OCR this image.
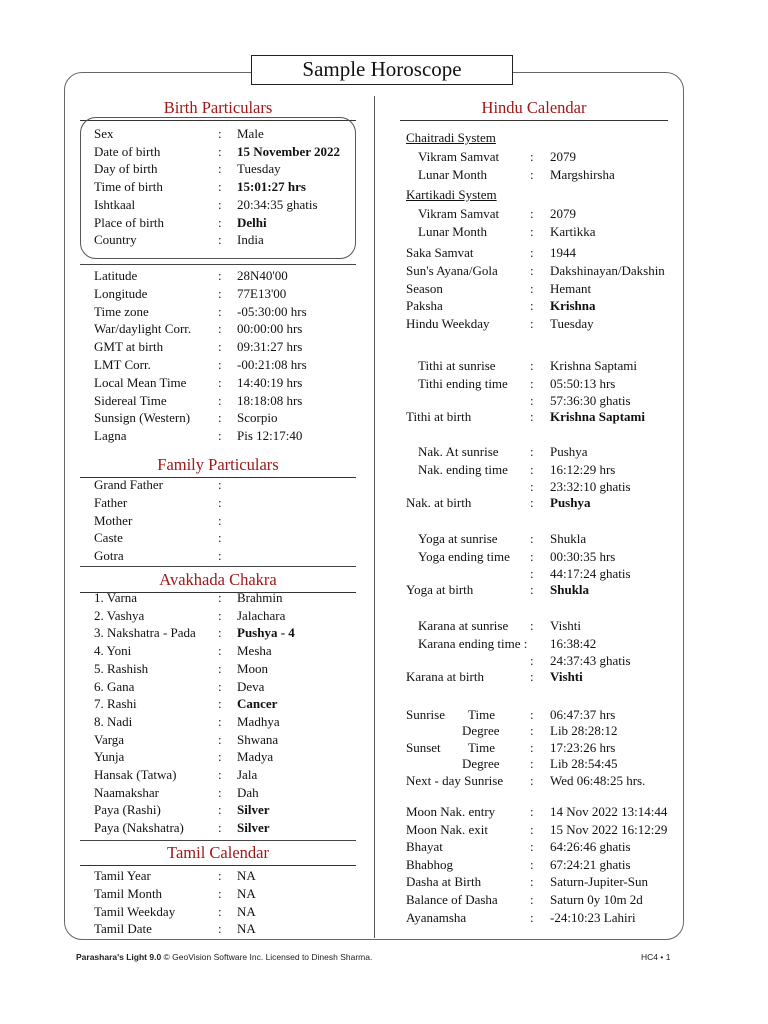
Sample Horoscope
Birth Particulars
Sex	: Male
Date of birth	: 15 November 2022
Day of birth	: Tuesday
Time of birth	: 15:01:27 hrs
Ishtkaal	: 20:34:35 ghatis
Place of birth	: Delhi
Country	: India
Latitude	: 28N40'00
Longitude	: 77E13'00
Time zone	: -05:30:00 hrs
War/daylight Corr. : 00:00:00 hrs
GMT at birth	: 09:31:27 hrs
LMT Corr.	: -00:21:08 hrs
Local Mean Time : 14:40:19 hrs
Sidereal Time	: 18:18:08 hrs
Sunsign (Western) : Scorpio
Lagna	: Pis 12:17:40
Family Particulars
Grand Father	:
Father	:
Mother	:
Caste	:
Gotra	:
Avakhada Chakra
1. Varna	: Brahmin
2. Vashya	: Jalachara
3. Nakshatra - Pada : Pushya - 4
4. Yoni	: Mesha
5. Rashish	: Moon
6. Gana	: Deva
7. Rashi	: Cancer
8. Nadi	: Madhya
Varga	: Shwana
Yunja	: Madya
Hansak (Tatwa)	: Jala
Naamakshar	: Dah
Paya (Rashi)	: Silver
Paya (Nakshatra)	: Silver
Tamil Calendar
Tamil Year	: NA
Tamil Month	: NA
Tamil Weekday	: NA
Tamil Date	: NA
Hindu Calendar
Chaitradi System
Vikram Samvat : 2079
Lunar Month	: Margshirsha
Kartikadi System
Vikram Samvat : 2079
Lunar Month	: Kartikka
Saka Samvat	: 1944
Sun's Ayana/Gola : Dakshinayan/Dakshin
Season	: Hemant
Paksha	: Krishna
Hindu Weekday	: Tuesday
Tithi at sunrise	: Krishna Saptami
Tithi ending time : 05:50:13 hrs
: 57:36:30 ghatis
Tithi at birth	: Krishna Saptami
Nak. At sunrise : Pushya
Nak. ending time : 16:12:29 hrs
: 23:32:10 ghatis
Nak. at birth	: Pushya
Yoga at sunrise : Shukla
Yoga ending time : 00:30:35 hrs
: 44:17:24 ghatis
Yoga at birth	: Shukla
Karana at sunrise : Vishti
Karana ending time : 16:38:42
: 24:37:43 ghatis
Karana at birth	: Vishti
Sunrise Time	: 06:47:37 hrs
Degree : Lib 28:28:12
Sunset Time	: 17:23:26 hrs
Degree : Lib 28:54:45
Next - day Sunrise : Wed 06:48:25 hrs.
Moon Nak. entry	: 14 Nov 2022 13:14:44
Moon Nak. exit	: 15 Nov 2022 16:12:29
Bhayat	: 64:26:46 ghatis
Bhabhog	: 67:24:21 ghatis
Dasha at Birth	: Saturn-Jupiter-Sun
Balance of Dasha : Saturn 0y 10m 2d
Ayanamsha	: -24:10:23 Lahiri
Parashara's Light 9.0 © GeoVision Software Inc. Licensed to Dinesh Sharma.	HC4 • 1
